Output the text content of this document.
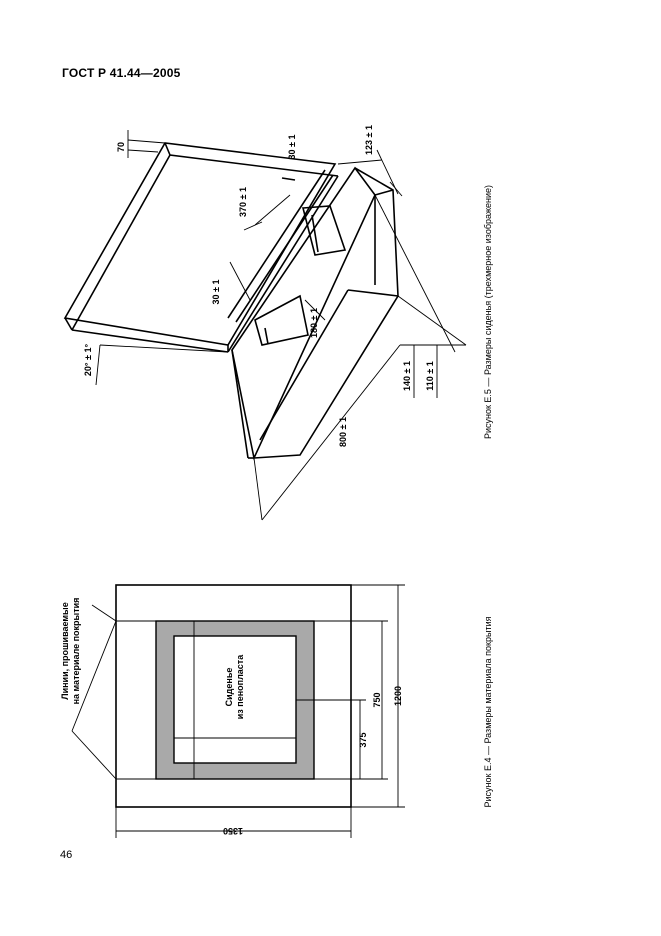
ГОСТ Р 41.44—2005
70	30 ± 1	123 ± 1
370 ± 1
30 ± 1
180 ± 1
20° ± 1°
800 ± 1
140 ± 1 110 ± 1	Рисунок Е.5 — Размеры сиденья (трехмерное изображение)
Линии, прошиваемые на материале покрытия	Сиденье из пенопласта
375
750 1200
1350
Рисунок Е.4 — Размеры материала покрытия
46
